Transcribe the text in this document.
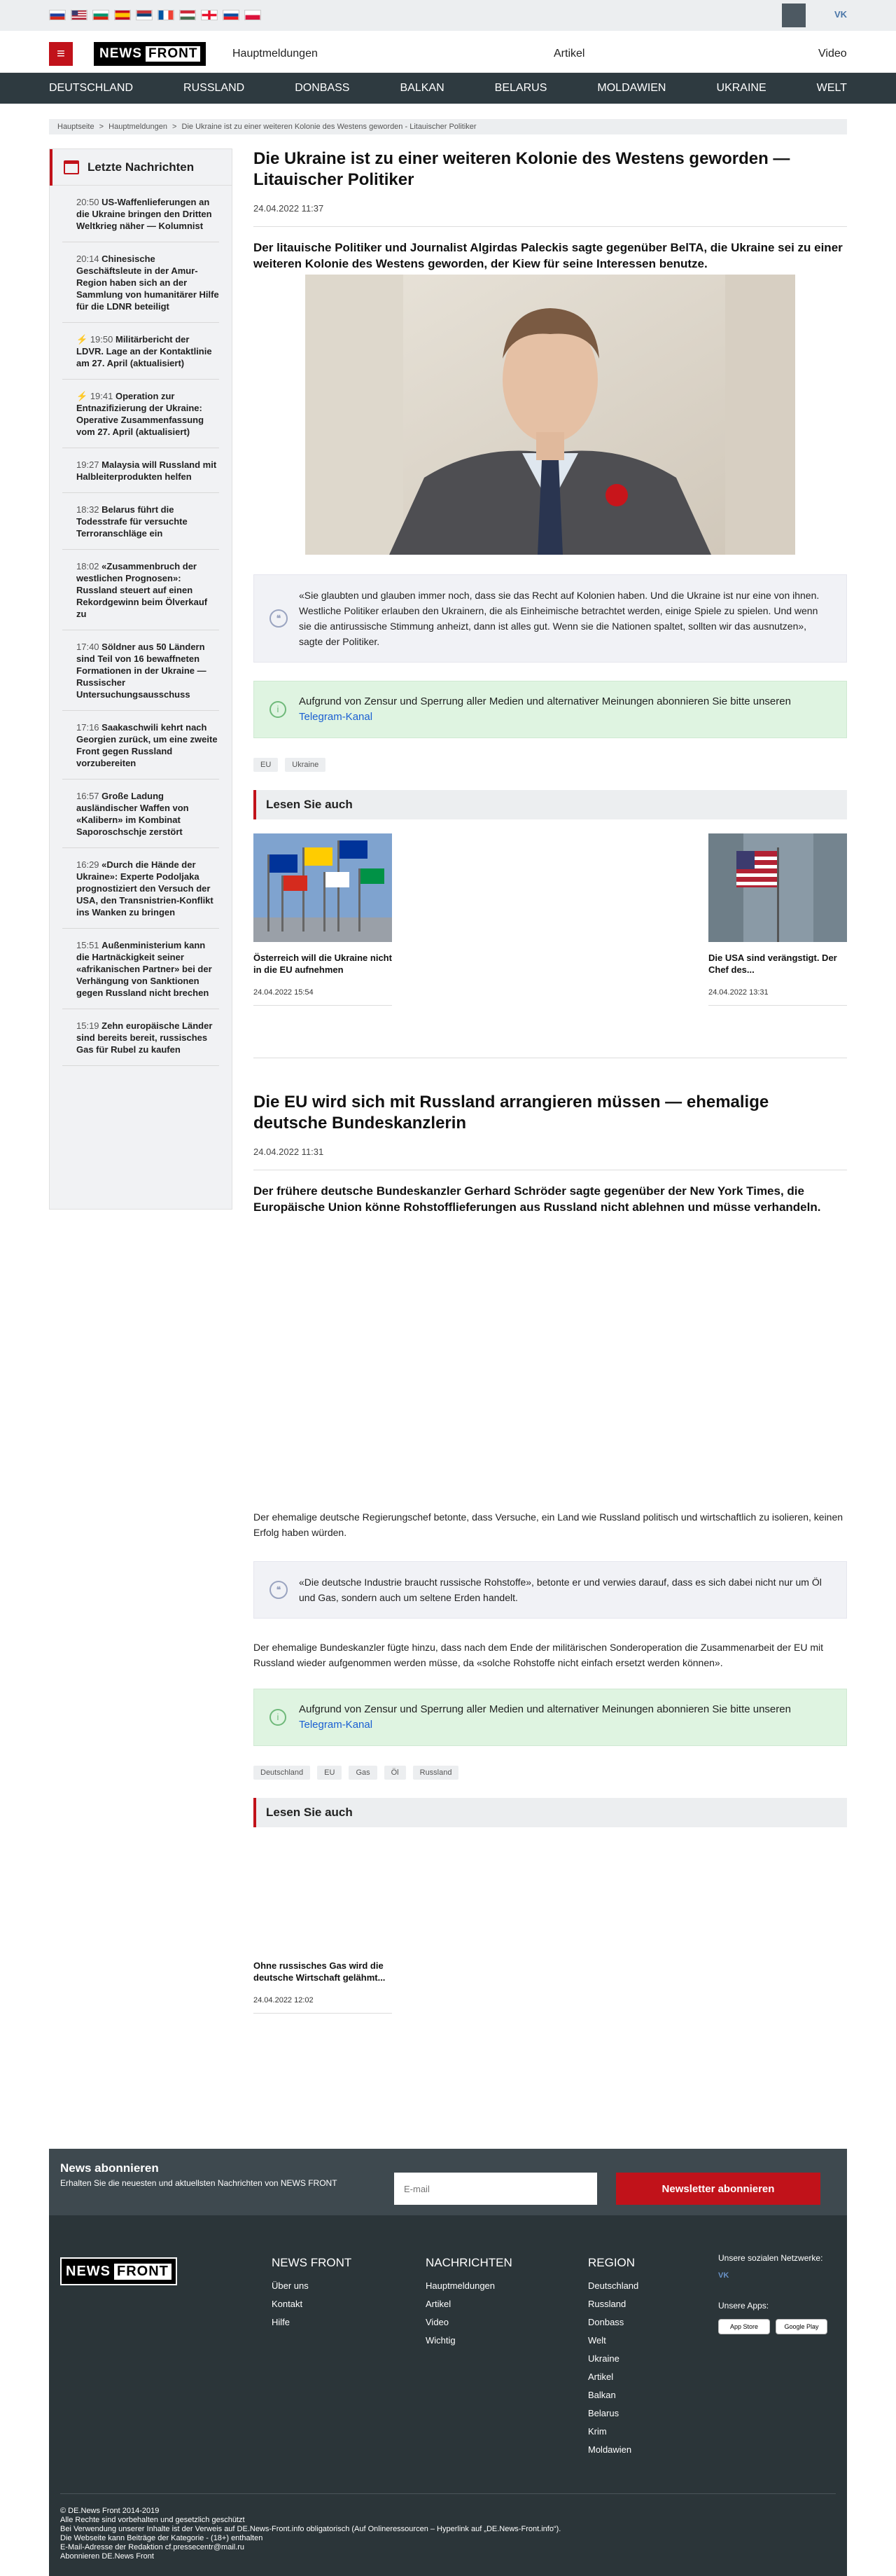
VK
≡	NEWS FRONT	Hauptmeldungen	Artikel	Video
DEUTSCHLAND	RUSSLAND	DONBASS	BALKAN	BELARUS	MOLDAWIEN	UKRAINE	WELT
Hauptseite > Hauptmeldungen > Die Ukraine ist zu einer weiteren Kolonie des Westens geworden - Litauischer Politiker
Letzte Nachrichten
20:50 US-Waffenlieferungen an die Ukraine bringen den Dritten Weltkrieg näher — Kolumnist
20:14 Chinesische Geschäftsleute in der Amur-Region haben sich an der Sammlung von humanitärer Hilfe für die LDNR beteiligt
⚡ 19:50 Militärbericht der LDVR. Lage an der Kontaktlinie am 27. April (aktualisiert)
⚡ 19:41 Operation zur Entnazifizierung der Ukraine: Operative Zusammenfassung vom 27. April (aktualisiert)
19:27 Malaysia will Russland mit Halbleiterprodukten helfen
18:32 Belarus führt die Todesstrafe für versuchte Terroranschläge ein
18:02 «Zusammenbruch der westlichen Prognosen»: Russland steuert auf einen Rekordgewinn beim Ölverkauf zu
17:40 Söldner aus 50 Ländern sind Teil von 16 bewaffneten Formationen in der Ukraine — Russischer Untersuchungsausschuss
17:16 Saakaschwili kehrt nach Georgien zurück, um eine zweite Front gegen Russland vorzubereiten
16:57 Große Ladung ausländischer Waffen von «Kalibern» im Kombinat Saporoschschje zerstört
16:29 «Durch die Hände der Ukraine»: Experte Podoljaka prognostiziert den Versuch der USA, den Transnistrien-Konflikt ins Wanken zu bringen
15:51 Außenministerium kann die Hartnäckigkeit seiner «afrikanischen Partner» bei der Verhängung von Sanktionen gegen Russland nicht brechen
15:19 Zehn europäische Länder sind bereits bereit, russisches Gas für Rubel zu kaufen
Die Ukraine ist zu einer weiteren Kolonie des Westens geworden — Litauischer Politiker
24.04.2022 11:37
Der litauische Politiker und Journalist Algirdas Paleckis sagte gegenüber BelTA, die Ukraine sei zu einer weiteren Kolonie des Westens geworden, der Kiew für seine Interessen benutze.
❝
«Sie glaubten und glauben immer noch, dass sie das Recht auf Kolonien haben. Und die Ukraine ist nur eine von ihnen. Westliche Politiker erlauben den Ukrainern, die als Einheimische betrachtet werden, einige Spiele zu spielen. Und wenn sie die antirussische Stimmung anheizt, dann ist alles gut. Wenn sie die Nationen spaltet, sollten wir das ausnutzen», sagte der Politiker.
i
Aufgrund von Zensur und Sperrung aller Medien und alternativer Meinungen abonnieren Sie bitte unseren Telegram-Kanal
EU	Ukraine
Lesen Sie auch
Österreich will die Ukraine nicht in die EU aufnehmen
24.04.2022 15:54
Die USA sind verängstigt. Der Chef des...
24.04.2022 13:31
Die EU wird sich mit Russland arrangieren müssen — ehemalige deutsche Bundeskanzlerin
24.04.2022 11:31
Der frühere deutsche Bundeskanzler Gerhard Schröder sagte gegenüber der New York Times, die Europäische Union könne Rohstofflieferungen aus Russland nicht ablehnen und müsse verhandeln.
Der ehemalige deutsche Regierungschef betonte, dass Versuche, ein Land wie Russland politisch und wirtschaftlich zu isolieren, keinen Erfolg haben würden.
❝
«Die deutsche Industrie braucht russische Rohstoffe», betonte er und verwies darauf, dass es sich dabei nicht nur um Öl und Gas, sondern auch um seltene Erden handelt.
Der ehemalige Bundeskanzler fügte hinzu, dass nach dem Ende der militärischen Sonderoperation die Zusammenarbeit der EU mit Russland wieder aufgenommen werden müsse, da «solche Rohstoffe nicht einfach ersetzt werden können».
i
Aufgrund von Zensur und Sperrung aller Medien und alternativer Meinungen abonnieren Sie bitte unseren Telegram-Kanal
Deutschland	EU	Gas	Öl	Russland
Lesen Sie auch
Ohne russisches Gas wird die deutsche Wirtschaft gelähmt...
24.04.2022 12:02
News abonnieren
Erhalten Sie die neuesten und aktuellsten Nachrichten von NEWS FRONT
E-mail	Newsletter abonnieren
NEWS FRONT
NEWS FRONT
Über uns
Kontakt
Hilfe
NACHRICHTEN
Hauptmeldungen
Artikel
Video
Wichtig
REGION
Deutschland
Russland
Donbass
Welt
Ukraine
Artikel
Balkan
Belarus
Krim
Moldawien
Unsere sozialen Netzwerke:
VK
Unsere Apps:
App Store	Google Play
© DE.News Front 2014-2019
Alle Rechte sind vorbehalten und gesetzlich geschützt
Bei Verwendung unserer Inhalte ist der Verweis auf DE.News-Front.info obligatorisch (Auf Onlineressourcen – Hyperlink auf „DE.News-Front.info“).
Die Webseite kann Beiträge der Kategorie - (18+) enthalten
E-Mail-Adresse der Redaktion cf.pressecentr@mail.ru
Abonnieren DE.News Front
